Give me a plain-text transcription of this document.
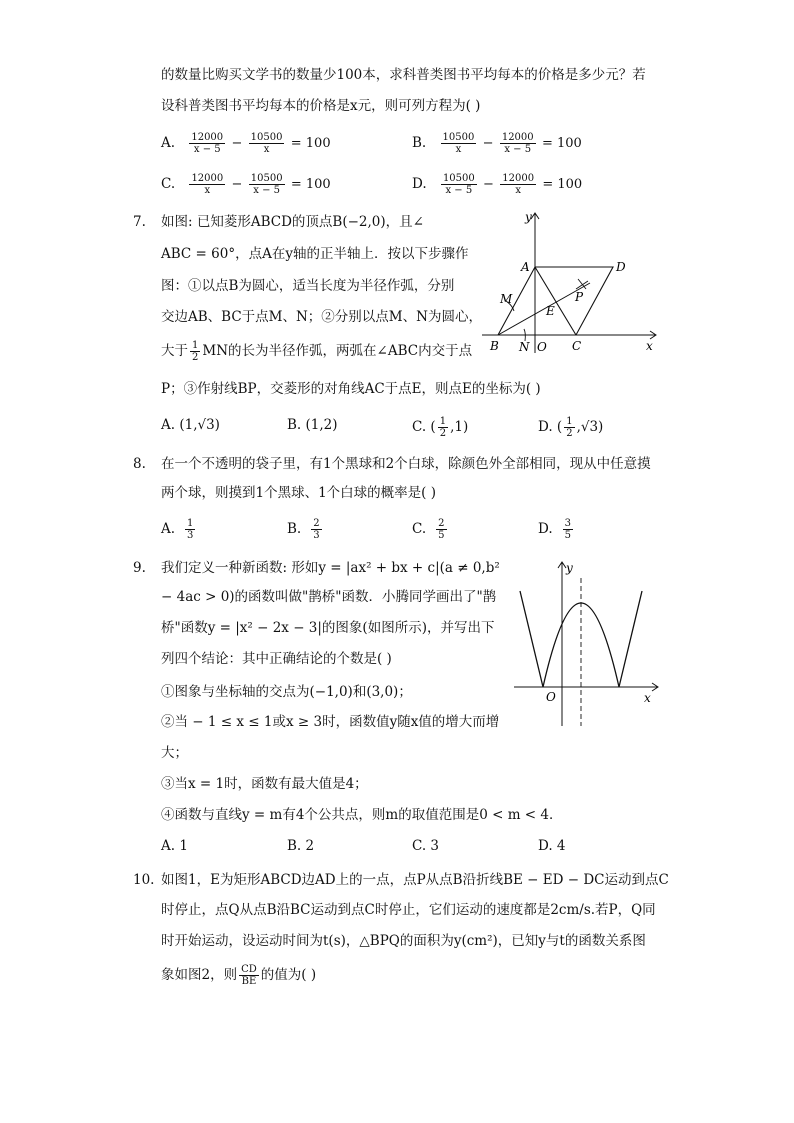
的数量比购买文学书的数量少100本，求科普类图书平均每本的价格是多少元？若
设科普类图书平均每本的价格是x元，则可列方程为( )
A. $\frac{12000}{x - 5} - \frac{10500}{x} = 100$	B. $\frac{10500}{x} - \frac{12000}{x - 5} = 100$
C. $\frac{12000}{x} - \frac{10500}{x - 5} = 100$	D. $\frac{10500}{x - 5} - \frac{12000}{x} = 100$
7. 如图: 已知菱形ABCD的顶点B(−2,0)，且∠
ABC = 60°，点A在y轴的正半轴上．按以下步骤作
图：①以点B为圆心，适当长度为半径作弧，分别
交边AB、BC于点M、N；②分别以点M、N为圆心，
大于 $\frac{1}{2}$ MN的长为半径作弧，两弧在∠ABC内交于点
P；③作射线BP，交菱形的对角线AC于点E，则点E的坐标为( )
y
x
A	D
M	P
E
B N O C
A. (1,√3)	B. (1,2)	C. ( $\frac{1}{2} ,1$)	D. ( $\frac{1}{2} ,√3$)
8. 在一个不透明的袋子里，有1个黑球和2个白球，除颜色外全部相同，现从中任意摸
两个球，则摸到1个黑球、1个白球的概率是( )
A. $\frac{1}{3}$	B. $\frac{2}{3}$	C. $\frac{2}{5}$	D. $\frac{3}{5}$
9. 我们定义一种新函数: 形如y = |ax² + bx + c|(a ≠ 0,b²
− 4ac > 0)的函数叫做"鹊桥"函数．小腾同学画出了"鹊
桥"函数y = |x² − 2x − 3|的图象(如图所示)，并写出下
列四个结论：其中正确结论的个数是( )
①图象与坐标轴的交点为(−1,0)和(3,0)；
②当 − 1 ≤ x ≤ 1或x ≥ 3时，函数值y随x值的增大而增
大；
③当x = 1时，函数有最大值是4；
④函数与直线y = m有4个公共点，则m的取值范围是0 < m < 4．
y
x
O
A. 1	B. 2	C. 3	D. 4
10. 如图1，E为矩形ABCD边AD上的一点，点P从点B沿折线BE − ED − DC运动到点C
时停止，点Q从点B沿BC运动到点C时停止，它们运动的速度都是2cm/s.若P，Q同
时开始运动，设运动时间为t(s)，△BPQ的面积为y(cm²)，已知y与t的函数关系图
象如图2，则 $\frac{CD}{BE}$ 的值为( )
